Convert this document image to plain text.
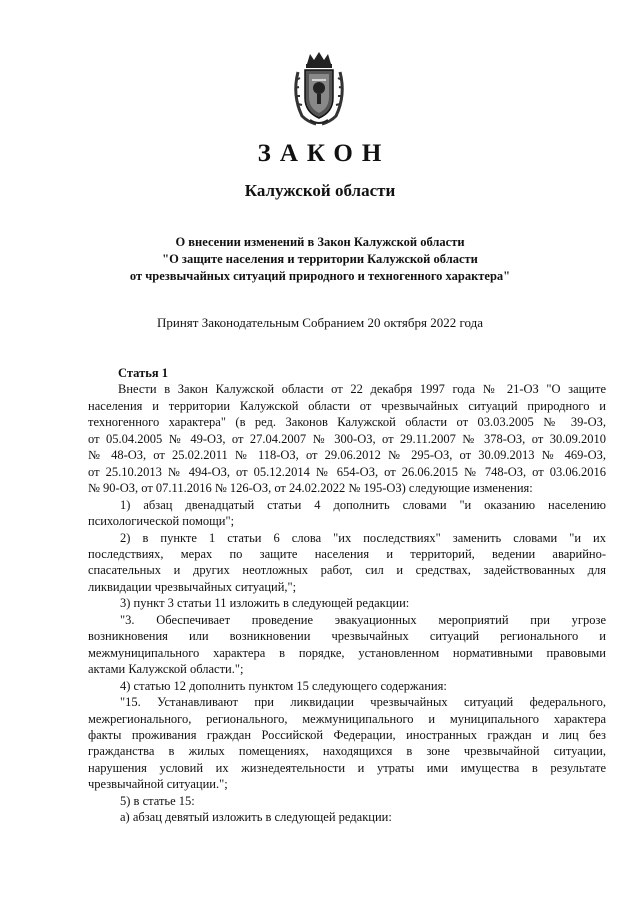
ЗАКОН
Калужской области
О внесении изменений в Закон Калужской области
"О защите населения и территории Калужской области
от чрезвычайных ситуаций природного и техногенного характера"
Принят Законодательным Собранием 20 октября 2022 года
Статья 1
Внести в Закон Калужской области от 22 декабря 1997 года № 21-ОЗ "О защите
населения и территории Калужской области от чрезвычайных ситуаций природного и
техногенного характера" (в ред. Законов Калужской области от 03.03.2005 № 39-ОЗ,
от 05.04.2005 № 49-ОЗ, от 27.04.2007 № 300-ОЗ, от 29.11.2007 № 378-ОЗ, от 30.09.2010
№ 48-ОЗ, от 25.02.2011 № 118-ОЗ, от 29.06.2012 № 295-ОЗ, от 30.09.2013 № 469-ОЗ,
от 25.10.2013 № 494-ОЗ, от 05.12.2014 № 654-ОЗ, от 26.06.2015 № 748-ОЗ, от 03.06.2016
№ 90-ОЗ, от 07.11.2016 № 126-ОЗ, от 24.02.2022 № 195-ОЗ) следующие изменения:
1) абзац двенадцатый статьи 4 дополнить словами "и оказанию населению
психологической помощи";
2) в пункте 1 статьи 6 слова "их последствиях" заменить словами "и их
последствиях, мерах по защите населения и территорий, ведении аварийно-
спасательных и других неотложных работ, сил и средствах, задействованных для
ликвидации чрезвычайных ситуаций,";
3) пункт 3 статьи 11 изложить в следующей редакции:
"3. Обеспечивает проведение эвакуационных мероприятий при угрозе
возникновения или возникновении чрезвычайных ситуаций регионального и
межмуниципального характера в порядке, установленном нормативными правовыми
актами Калужской области.";
4) статью 12 дополнить пунктом 15 следующего содержания:
"15. Устанавливают при ликвидации чрезвычайных ситуаций федерального,
межрегионального, регионального, межмуниципального и муниципального характера
факты проживания граждан Российской Федерации, иностранных граждан и лиц без
гражданства в жилых помещениях, находящихся в зоне чрезвычайной ситуации,
нарушения условий их жизнедеятельности и утраты ими имущества в результате
чрезвычайной ситуации.";
5) в статье 15:
а) абзац девятый изложить в следующей редакции:
